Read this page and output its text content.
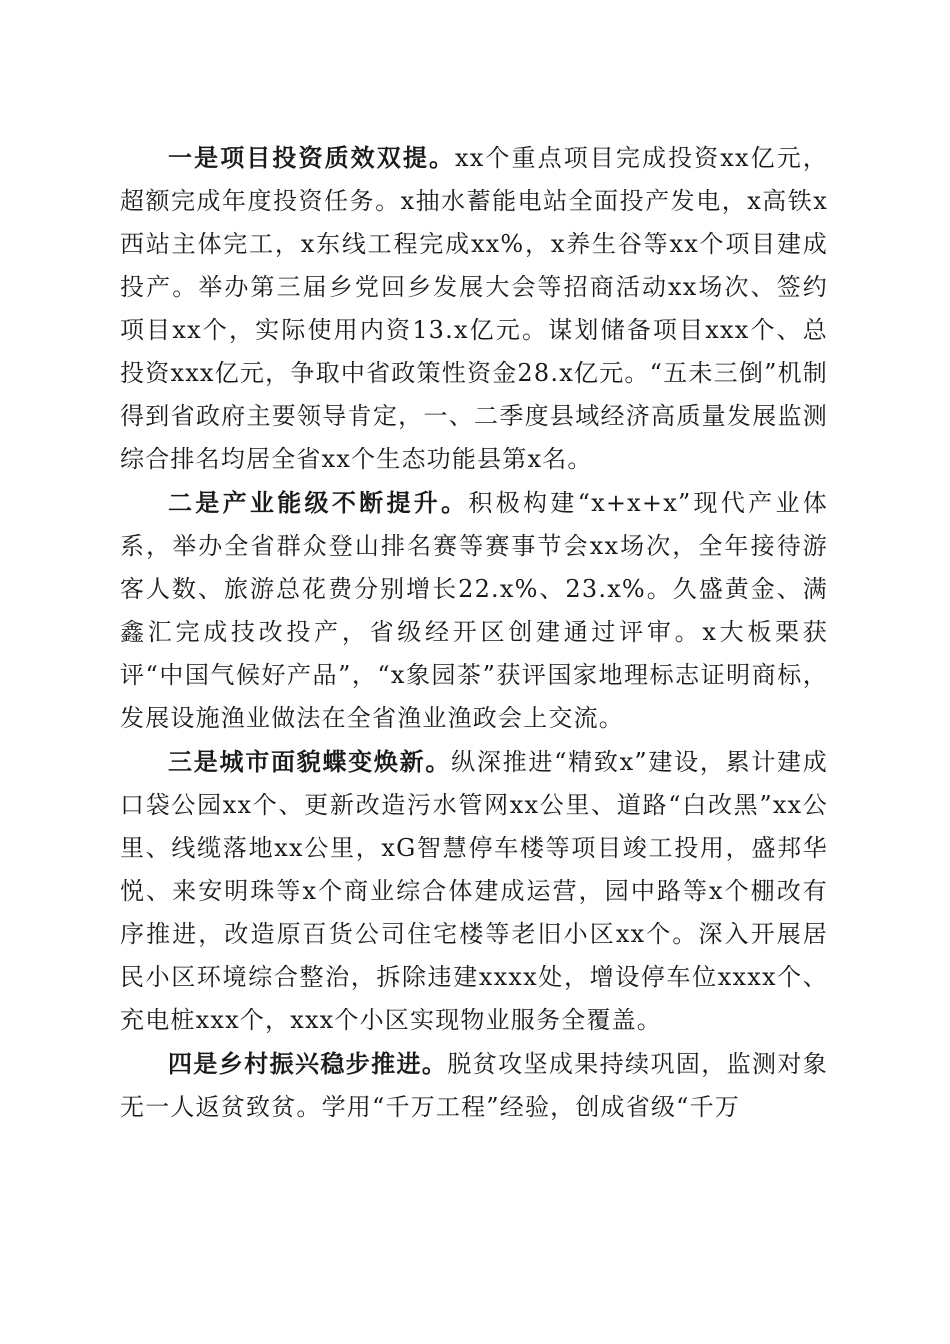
一是项目投资质效双提。xx个重点项目完成投资xx亿元，超额完成年度投资任务。x抽水蓄能电站全面投产发电，x高铁x西站主体完工，x东线工程完成xx%，x养生谷等xx个项目建成投产。举办第三届乡党回乡发展大会等招商活动xx场次、签约项目xx个，实际使用内资13.x亿元。谋划储备项目xxx个、总投资xxx亿元，争取中省政策性资金28.x亿元。“五未三倒”机制得到省政府主要领导肯定，一、二季度县域经济高质量发展监测综合排名均居全省xx个生态功能县第x名。

二是产业能级不断提升。积极构建“x+x+x”现代产业体系，举办全省群众登山排名赛等赛事节会xx场次，全年接待游客人数、旅游总花费分别增长22.x%、23.x%。久盛黄金、满鑫汇完成技改投产，省级经开区创建通过评审。x大板栗获评“中国气候好产品”，“x象园茶”获评国家地理标志证明商标，发展设施渔业做法在全省渔业渔政会上交流。

三是城市面貌蝶变焕新。纵深推进“精致x”建设，累计建成口袋公园xx个、更新改造污水管网xx公里、道路“白改黑”xx公里、线缆落地xx公里，xG智慧停车楼等项目竣工投用，盛邦华悦、来安明珠等x个商业综合体建成运营，园中路等x个棚改有序推进，改造原百货公司住宅楼等老旧小区xx个。深入开展居民小区环境综合整治，拆除违建xxxx处，增设停车位xxxx个、充电桩xxx个，xxx个小区实现物业服务全覆盖。

四是乡村振兴稳步推进。脱贫攻坚成果持续巩固，监测对象无一人返贫致贫。学用“千万工程”经验，创成省级“千万
